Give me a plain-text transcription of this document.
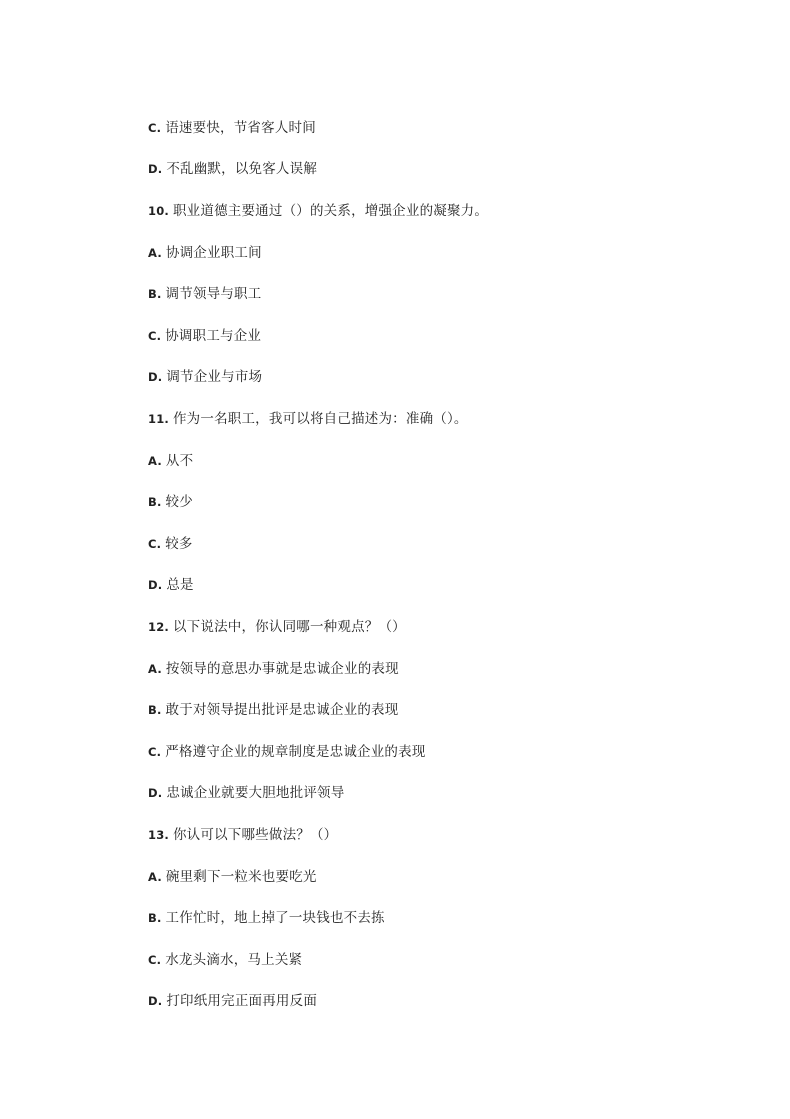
C. 语速要快，节省客人时间
D. 不乱幽默，以免客人误解
10. 职业道德主要通过（）的关系，增强企业的凝聚力。
A. 协调企业职工间
B. 调节领导与职工
C. 协调职工与企业
D. 调节企业与市场
11. 作为一名职工，我可以将自己描述为：准确（）。
A. 从不
B. 较少
C. 较多
D. 总是
12. 以下说法中，你认同哪一种观点？（）
A. 按领导的意思办事就是忠诚企业的表现
B. 敢于对领导提出批评是忠诚企业的表现
C. 严格遵守企业的规章制度是忠诚企业的表现
D. 忠诚企业就要大胆地批评领导
13. 你认可以下哪些做法？（）
A. 碗里剩下一粒米也要吃光
B. 工作忙时，地上掉了一块钱也不去拣
C. 水龙头滴水，马上关紧
D. 打印纸用完正面再用反面
